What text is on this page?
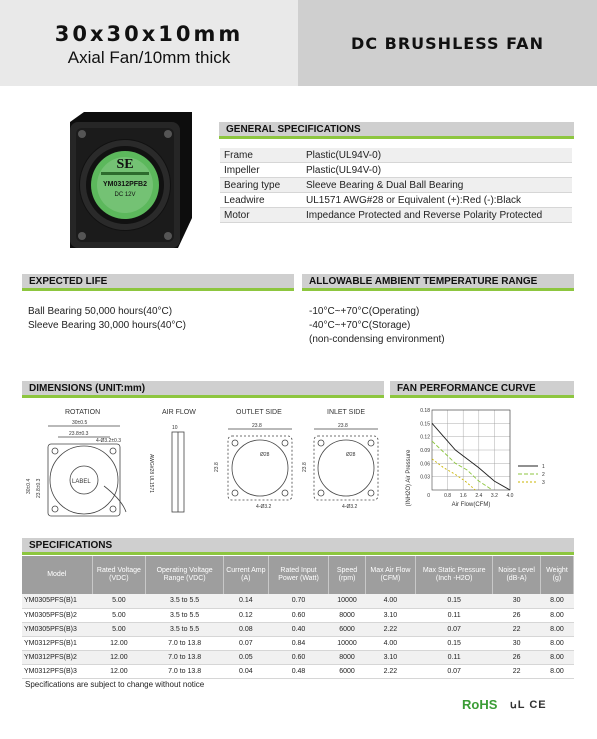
30x30x10mm
Axial Fan/10mm thick
DC BRUSHLESS FAN
SE
YM0312PFB2
DC 12V
GENERAL SPECIFICATIONS
Frame	Plastic(UL94V-0)
Impeller	Plastic(UL94V-0)
Bearing type	Sleeve Bearing & Dual Ball Bearing
Leadwire	UL1571 AWG#28 or Equivalent (+):Red (-):Black
Motor	Impedance Protected and Reverse Polarity Protected
EXPECTED LIFE
Ball Bearing 50,000 hours(40°C)
Sleeve Bearing 30,000 hours(40°C)
ALLOWABLE AMBIENT TEMPERATURE RANGE
-10°C~+70°C(Operating)
-40°C~+70°C(Storage)
(non-condensing environment)
DIMENSIONS (UNIT:mm)
ROTATION	AIR FLOW	OUTLET SIDE	INLET SIDE
30±0.5
23.8±0.3
4-Ø3.2±0.3
LABEL
30±0.4 23.8±0.3
10
AWG#28 UL1571
23.8
23.8
Ø28
4-Ø3.2
23.8
23.8
Ø28
4-Ø3.2
FAN PERFORMANCE CURVE
0.18
0.15
0.12
0.09
0.06
0.03
0.8 1.6 2.4 3.2 4.0
0
Air Flow(CFM)
(INH2O) Air Pressure	1
2
3
SPECIFICATIONS
Model	Rated Voltage (VDC)	Operating Voltage Range (VDC)	Current Amp (A)	Rated Input Power (Watt)	Speed (rpm)	Max Air Flow (CFM)	Max Static Pressure (Inch -H2O)	Noise Level (dB-A)	Weight (g)
YM0305PFS(B)1	5.00	3.5 to 5.5	0.14	0.70	10000	4.00	0.15	30	8.00
YM0305PFS(B)2	5.00	3.5 to 5.5	0.12	0.60	8000	3.10	0.11	26	8.00
YM0305PFS(B)3	5.00	3.5 to 5.5	0.08	0.40	6000	2.22	0.07	22	8.00
YM0312PFS(B)1	12.00	7.0 to 13.8	0.07	0.84	10000	4.00	0.15	30	8.00
YM0312PFS(B)2	12.00	7.0 to 13.8	0.05	0.60	8000	3.10	0.11	26	8.00
YM0312PFS(B)3	12.00	7.0 to 13.8	0.04	0.48	6000	2.22	0.07	22	8.00
Specifications are subject to change without notice
RoHS ꭎL CE
